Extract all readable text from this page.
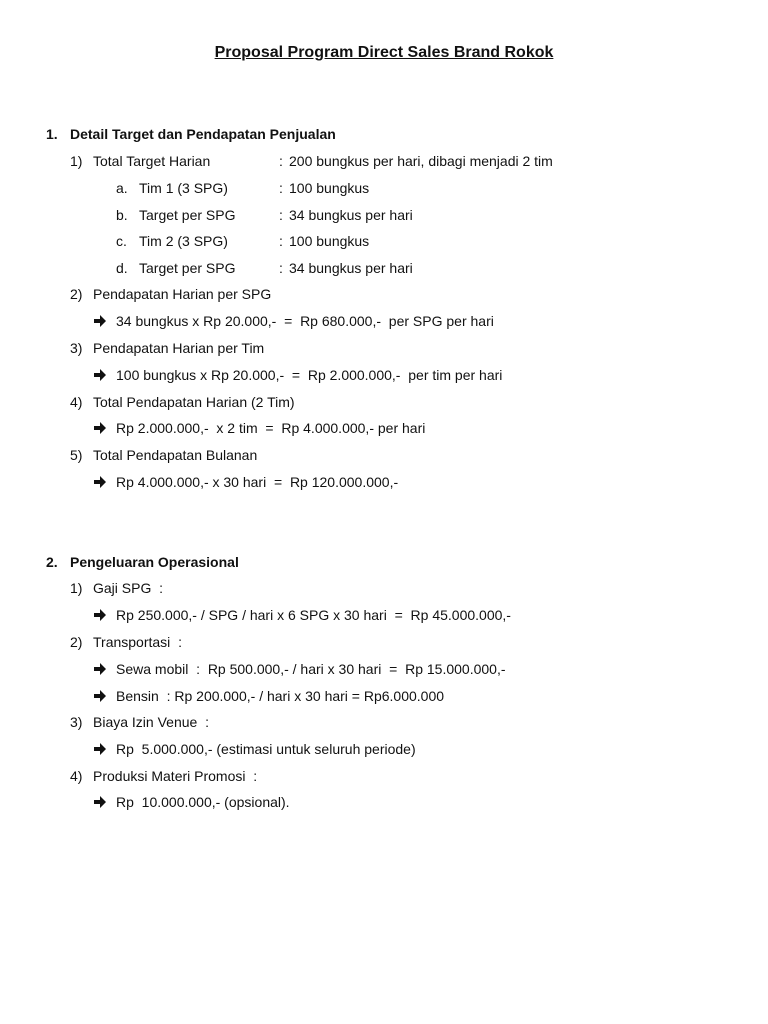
Proposal Program Direct Sales Brand Rokok
1. Detail Target dan Pendapatan Penjualan
1) Total Target Harian	: 200 bungkus per hari, dibagi menjadi 2 tim
a. Tim 1 (3 SPG)	: 100 bungkus
b. Target per SPG	: 34 bungkus per hari
c. Tim 2 (3 SPG)	: 100 bungkus
d. Target per SPG	: 34 bungkus per hari
2) Pendapatan Harian per SPG
34 bungkus x Rp 20.000,-  =  Rp 680.000,-  per SPG per hari
3) Pendapatan Harian per Tim
100 bungkus x Rp 20.000,-  =  Rp 2.000.000,-  per tim per hari
4) Total Pendapatan Harian (2 Tim)
Rp 2.000.000,-  x 2 tim  =  Rp 4.000.000,- per hari
5) Total Pendapatan Bulanan
Rp 4.000.000,- x 30 hari  =  Rp 120.000.000,-
2. Pengeluaran Operasional
1) Gaji SPG  :
Rp 250.000,- / SPG / hari x 6 SPG x 30 hari  =  Rp 45.000.000,-
2) Transportasi  :
Sewa mobil  :  Rp 500.000,- / hari x 30 hari  =  Rp 15.000.000,-
Bensin  : Rp 200.000,- / hari x 30 hari = Rp6.000.000
3) Biaya Izin Venue  :
Rp  5.000.000,- (estimasi untuk seluruh periode)
4) Produksi Materi Promosi  :
Rp  10.000.000,- (opsional).
